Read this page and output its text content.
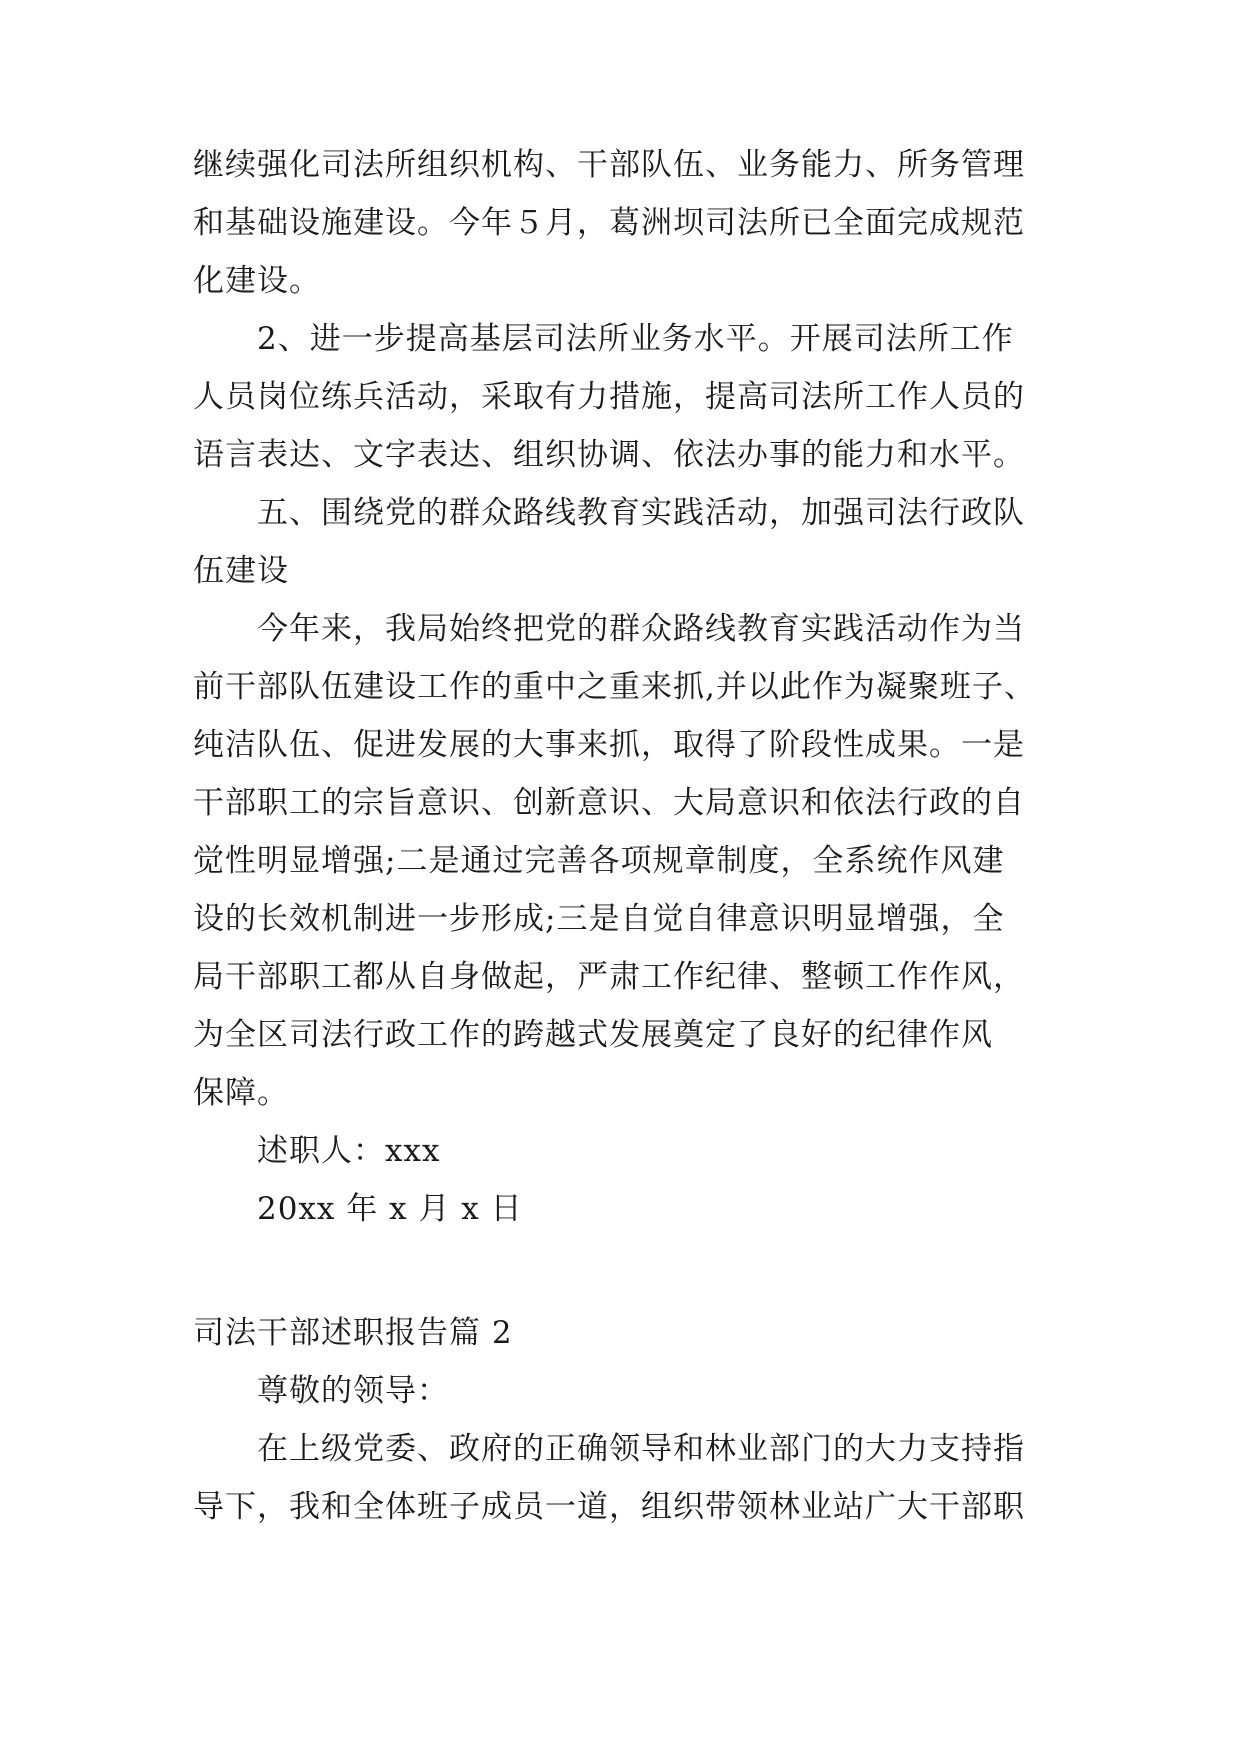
继续强化司法所组织机构、干部队伍、业务能力、所务管理
和基础设施建设。今年５月，葛洲坝司法所已全面完成规范
化建设。
2、进一步提高基层司法所业务水平。开展司法所工作
人员岗位练兵活动，采取有力措施，提高司法所工作人员的
语言表达、文字表达、组织协调、依法办事的能力和水平。
五、围绕党的群众路线教育实践活动，加强司法行政队
伍建设
今年来，我局始终把党的群众路线教育实践活动作为当
前干部队伍建设工作的重中之重来抓,并以此作为凝聚班子、
纯洁队伍、促进发展的大事来抓，取得了阶段性成果。一是
干部职工的宗旨意识、创新意识、大局意识和依法行政的自
觉性明显增强;二是通过完善各项规章制度，全系统作风建
设的长效机制进一步形成;三是自觉自律意识明显增强，全
局干部职工都从自身做起，严肃工作纪律、整顿工作作风，
为全区司法行政工作的跨越式发展奠定了良好的纪律作风
保障。
述职人：xxx
20xx 年 x 月 x 日
司法干部述职报告篇 2
尊敬的领导：
在上级党委、政府的正确领导和林业部门的大力支持指
导下，我和全体班子成员一道，组织带领林业站广大干部职
